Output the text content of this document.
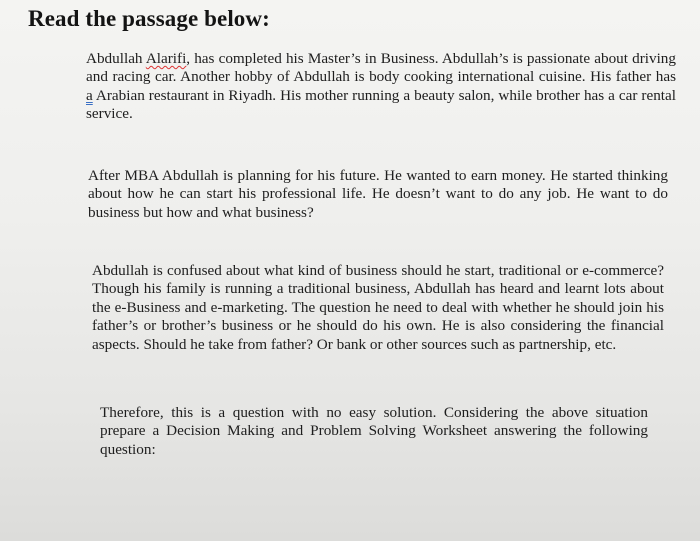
Read the passage below:

Abdullah Alarifi, has completed his Master’s in Business. Abdullah’s is passionate about driving and racing car. Another hobby of Abdullah is body cooking international cuisine. His father has a Arabian restaurant in Riyadh. His mother running a beauty salon, while brother has a car rental service.

After MBA Abdullah is planning for his future. He wanted to earn money. He started thinking about how he can start his professional life. He doesn’t want to do any job. He want to do business but how and what business?

Abdullah is confused about what kind of business should he start, traditional or e-commerce? Though his family is running a traditional business, Abdullah has heard and learnt lots about the e-Business and e-marketing. The question he need to deal with whether he should join his father’s or brother’s business or he should do his own. He is also considering the financial aspects. Should he take from father? Or bank or other sources such as partnership, etc.

Therefore, this is a question with no easy solution. Considering the above situation prepare a Decision Making and Problem Solving Worksheet answering the following question:
